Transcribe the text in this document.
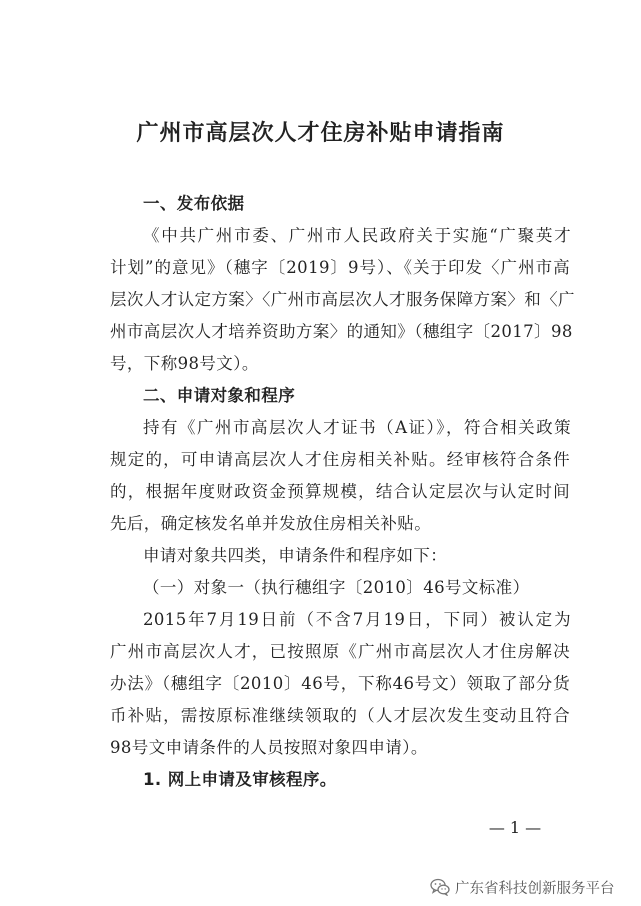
广州市高层次人才住房补贴申请指南

一、发布依据

《中共广州市委、广州市人民政府关于实施“广聚英才

计划”的意见》（穗字〔2019〕9号）、《关于印发〈广州市高

层次人才认定方案〉〈广州市高层次人才服务保障方案〉和〈广

州市高层次人才培养资助方案〉的通知》（穗组字〔2017〕98

号，下称98号文）。

二、申请对象和程序

持有《广州市高层次人才证书（A证）》，符合相关政策

规定的，可申请高层次人才住房相关补贴。经审核符合条件

的，根据年度财政资金预算规模，结合认定层次与认定时间

先后，确定核发名单并发放住房相关补贴。

申请对象共四类，申请条件和程序如下：

（一）对象一（执行穗组字〔2010〕46号文标准）

2015年7月19日前（不含7月19日，下同）被认定为

广州市高层次人才，已按照原《广州市高层次人才住房解决

办法》（穗组字〔2010〕46号，下称46号文）领取了部分货

币补贴，需按原标准继续领取的（人才层次发生变动且符合

98号文申请条件的人员按照对象四申请）。

1. 网上申请及审核程序。

— 1 —
广东省科技创新服务平台
